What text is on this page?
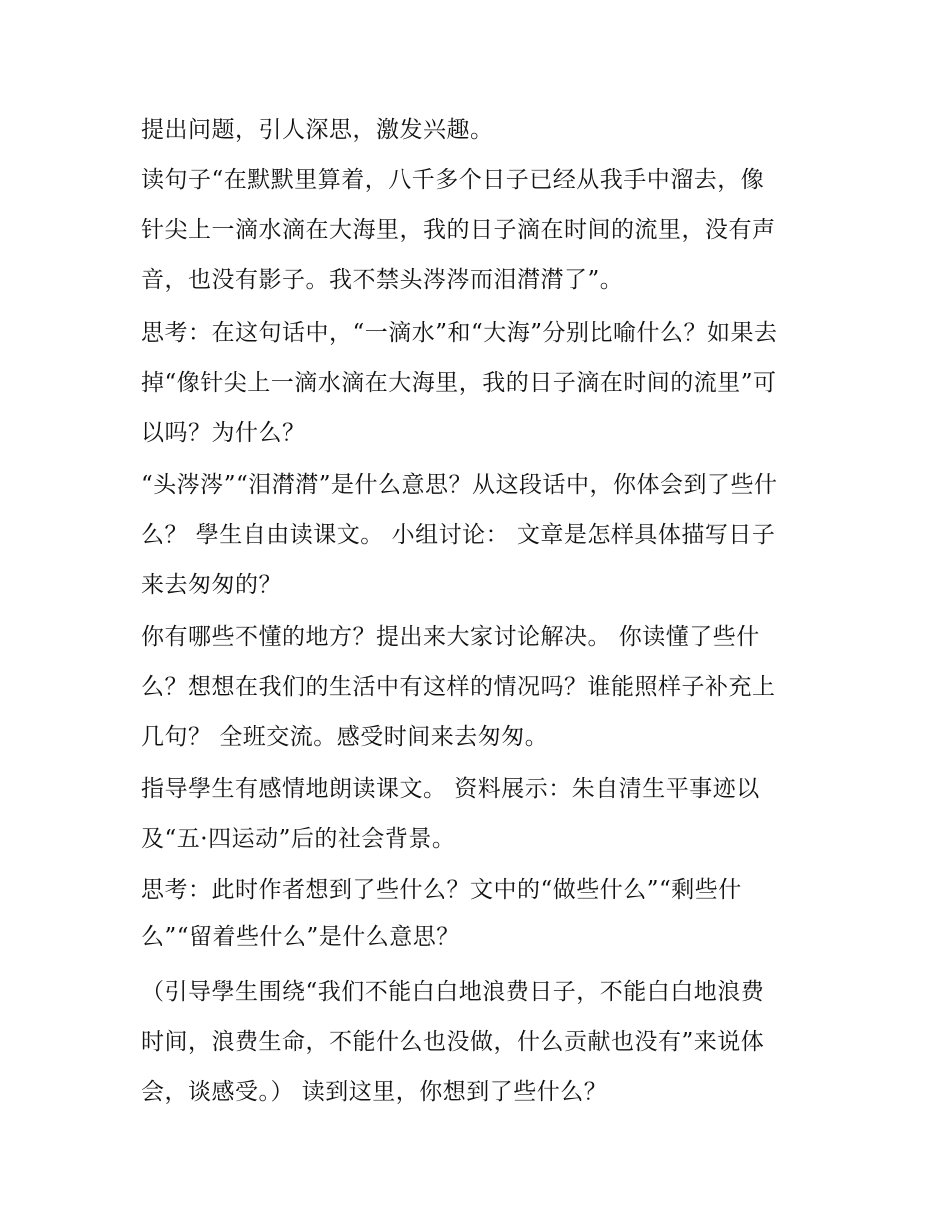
提出问题，引人深思，激发兴趣。
读句子“在默默里算着，八千多个日子已经从我手中溜去，像
针尖上一滴水滴在大海里，我的日子滴在时间的流里，没有声
音，也没有影子。我不禁头涔涔而泪潸潸了”。
思考：在这句话中，“一滴水”和“大海”分别比喻什么？如果去
掉“像针尖上一滴水滴在大海里，我的日子滴在时间的流里”可
以吗？为什么？
“头涔涔”“泪潸潸”是什么意思？从这段话中，你体会到了些什
么？ 學生自由读课文。 小组讨论： 文章是怎样具体描写日子
来去匆匆的？
你有哪些不懂的地方？提出来大家讨论解决。 你读懂了些什
么？想想在我们的生活中有这样的情况吗？谁能照样子补充上
几句？ 全班交流。感受时间来去匆匆。
指导學生有感情地朗读课文。 资料展示：朱自清生平事迹以
及“五·四运动”后的社会背景。
思考：此时作者想到了些什么？文中的“做些什么”“剩些什
么”“留着些什么”是什么意思？
（引导學生围绕“我们不能白白地浪费日子，不能白白地浪费
时间，浪费生命，不能什么也没做，什么贡献也没有”来说体
会，谈感受。） 读到这里，你想到了些什么？
